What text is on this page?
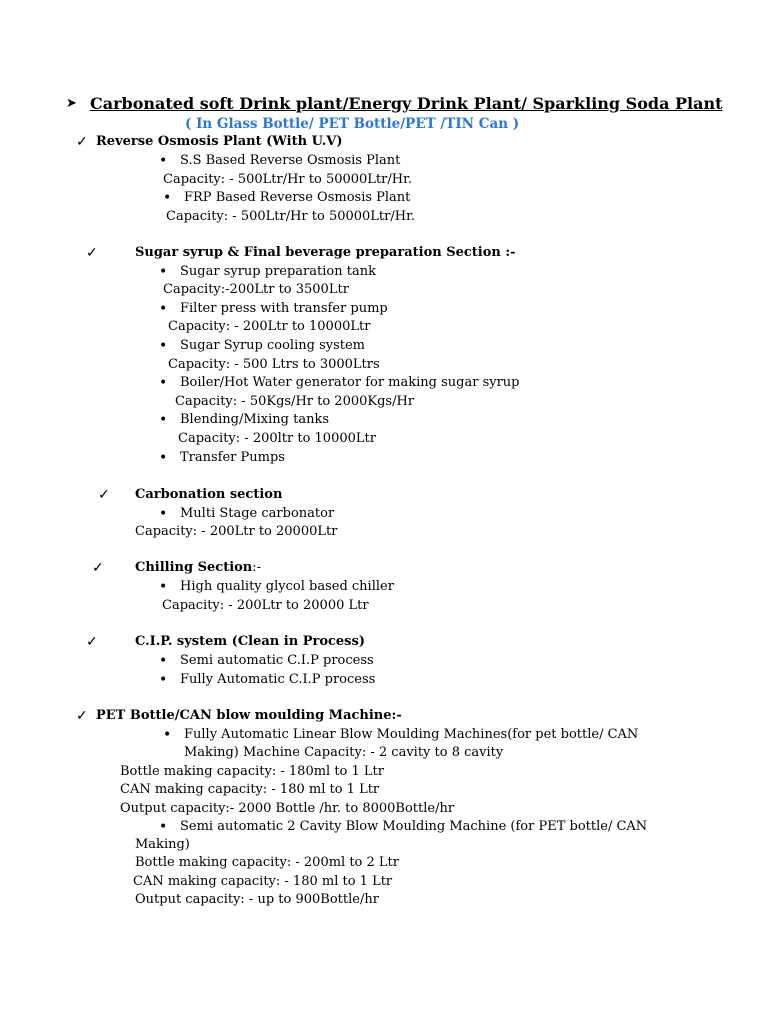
➤ Carbonated soft Drink plant/Energy Drink Plant/ Sparkling Soda Plant
( In Glass Bottle/ PET Bottle/PET /TIN Can )
✓ Reverse Osmosis Plant (With U.V)
• S.S Based Reverse Osmosis Plant
Capacity: - 500Ltr/Hr to 50000Ltr/Hr.
• FRP Based Reverse Osmosis Plant
Capacity: - 500Ltr/Hr to 50000Ltr/Hr.
✓	Sugar syrup & Final beverage preparation Section :-
• Sugar syrup preparation tank
Capacity:-200Ltr to 3500Ltr
• Filter press with transfer pump
Capacity: - 200Ltr to 10000Ltr
• Sugar Syrup cooling system
Capacity: - 500 Ltrs to 3000Ltrs
• Boiler/Hot Water generator for making sugar syrup
Capacity: - 50Kgs/Hr to 2000Kgs/Hr
• Blending/Mixing tanks
Capacity: - 200ltr to 10000Ltr
• Transfer Pumps
✓ Carbonation section
• Multi Stage carbonator
Capacity: - 200Ltr to 20000Ltr
✓ Chilling Section:-
• High quality glycol based chiller
Capacity: - 200Ltr to 20000 Ltr
✓	C.I.P. system (Clean in Process)
• Semi automatic C.I.P process
• Fully Automatic C.I.P process
✓ PET Bottle/CAN blow moulding Machine:-
• Fully Automatic Linear Blow Moulding Machines(for pet bottle/ CAN
Making) Machine Capacity: - 2 cavity to 8 cavity
Bottle making capacity: - 180ml to 1 Ltr
CAN making capacity: - 180 ml to 1 Ltr
Output capacity:- 2000 Bottle /hr. to 8000Bottle/hr
• Semi automatic 2 Cavity Blow Moulding Machine (for PET bottle/ CAN
Making)
Bottle making capacity: - 200ml to 2 Ltr
CAN making capacity: - 180 ml to 1 Ltr
Output capacity: - up to 900Bottle/hr
